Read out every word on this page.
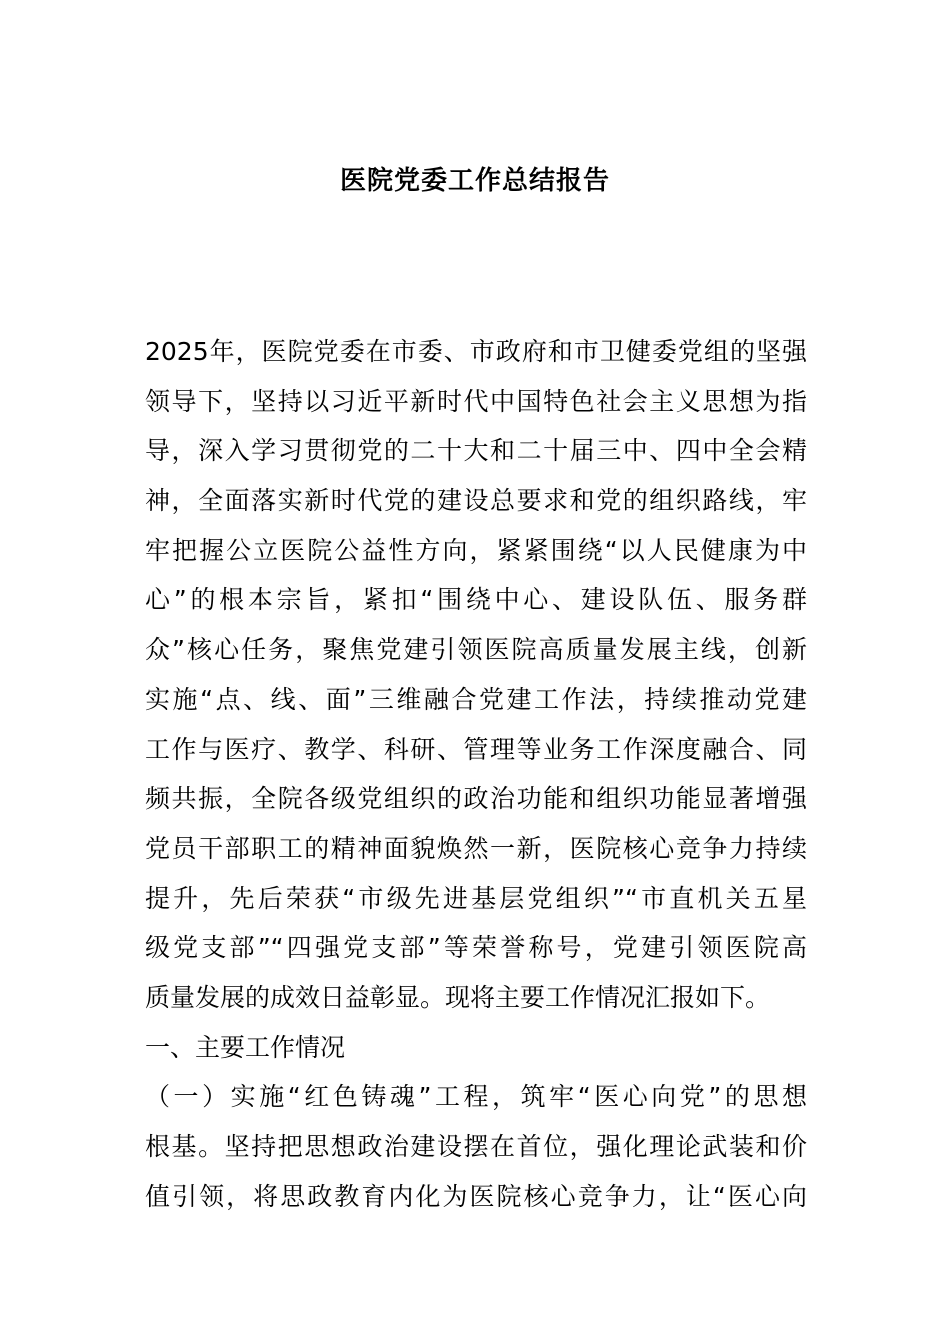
医院党委工作总结报告
2025年，医院党委在市委、市政府和市卫健委党组的坚强
领导下，坚持以习近平新时代中国特色社会主义思想为指
导，深入学习贯彻党的二十大和二十届三中、四中全会精
神，全面落实新时代党的建设总要求和党的组织路线，牢
牢把握公立医院公益性方向，紧紧围绕“以人民健康为中
心”的根本宗旨，紧扣“围绕中心、建设队伍、服务群
众”核心任务，聚焦党建引领医院高质量发展主线，创新
实施“点、线、面”三维融合党建工作法，持续推动党建
工作与医疗、教学、科研、管理等业务工作深度融合、同
频共振，全院各级党组织的政治功能和组织功能显著增强
党员干部职工的精神面貌焕然一新，医院核心竞争力持续
提升，先后荣获“市级先进基层党组织”“市直机关五星
级党支部”“四强党支部”等荣誉称号，党建引领医院高
质量发展的成效日益彰显。现将主要工作情况汇报如下。
一、主要工作情况
（一）实施“红色铸魂”工程，筑牢“医心向党”的思想
根基。坚持把思想政治建设摆在首位，强化理论武装和价
值引领，将思政教育内化为医院核心竞争力，让“医心向
